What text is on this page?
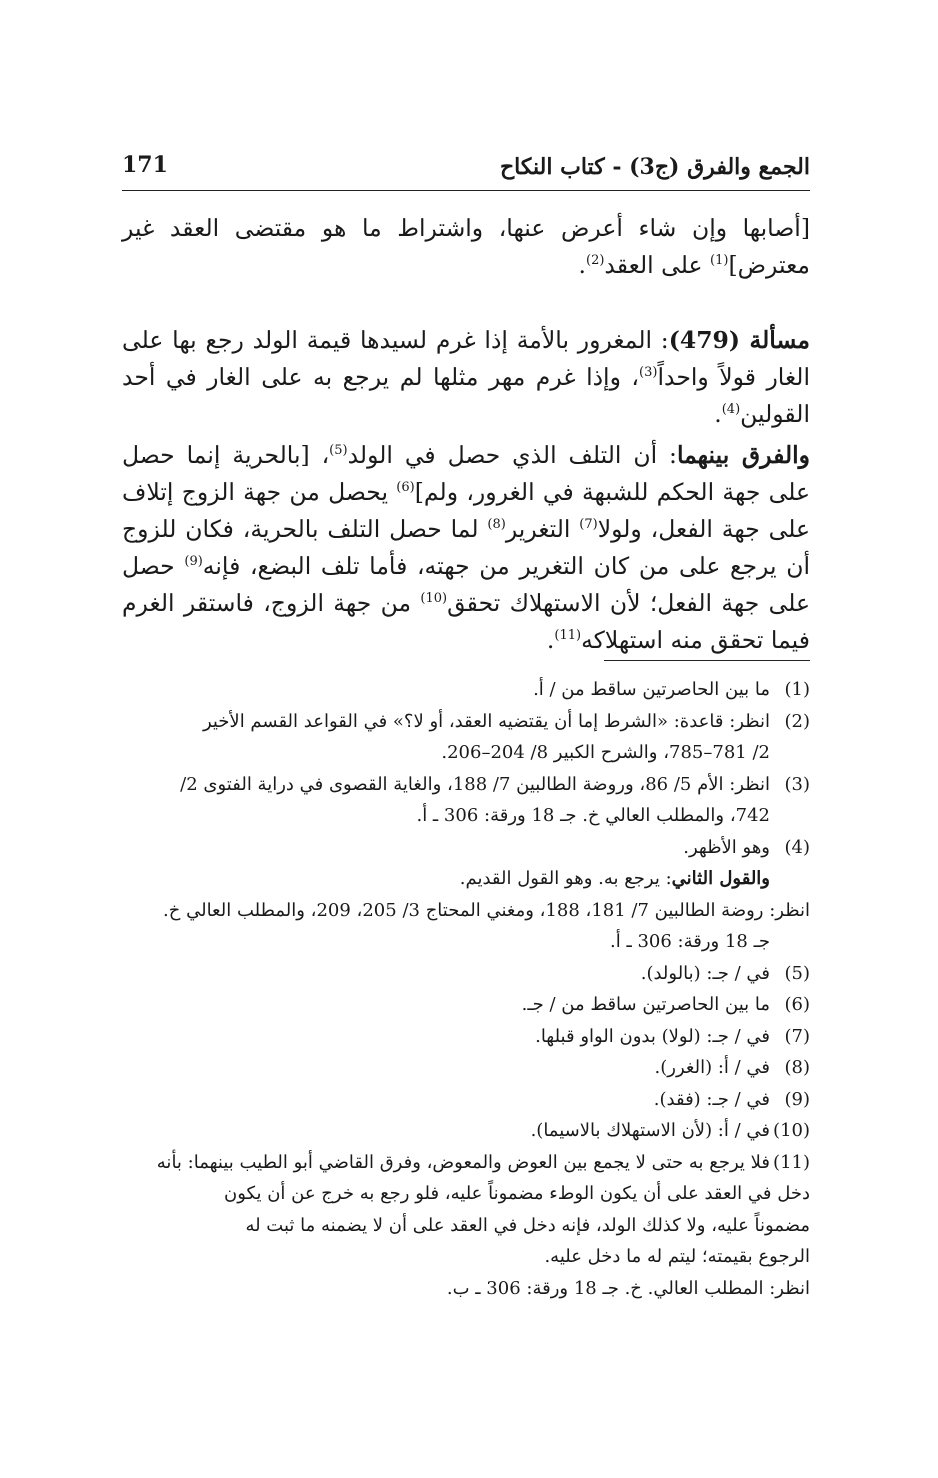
الجمع والفرق (ج3) - كتاب النكاح
171
[أصابها وإن شاء أعرض عنها، واشتراط ما هو مقتضى العقد غير معترض]$^{(1)}$ على العقد$^{(2)}$.
مسألة (479): المغرور بالأمة إذا غرم لسيدها قيمة الولد رجع بها على الغار قولاً واحداً$^{(3)}$، وإذا غرم مهر مثلها لم يرجع به على الغار في أحد القولين$^{(4)}$.
والفرق بينهما: أن التلف الذي حصل في الولد$^{(5)}$، [بالحرية إنما حصل على جهة الحكم للشبهة في الغرور، ولم]$^{(6)}$ يحصل من جهة الزوج إتلاف على جهة الفعل، ولولا$^{(7)}$ التغرير$^{(8)}$ لما حصل التلف بالحرية، فكان للزوج أن يرجع على من كان التغرير من جهته، فأما تلف البضع، فإنه$^{(9)}$ حصل على جهة الفعل؛ لأن الاستهلاك تحقق$^{(10)}$ من جهة الزوج، فاستقر الغرم فيما تحقق منه استهلاكه$^{(11)}$.
(1)
ما بين الحاصرتين ساقط من / أ.
(2)
انظر: قاعدة: «الشرط إما أن يقتضيه العقد، أو لا؟» في القواعد القسم الأخير
2/ 781–785، والشرح الكبير 8/ 204–206.
(3)
انظر: الأم 5/ 86، وروضة الطالبين 7/ 188، والغاية القصوى في دراية الفتوى 2/
742، والمطلب العالي خ. جـ 18 ورقة: 306 ـ أ.
(4)
وهو الأظهر.
والقول الثاني: يرجع به. وهو القول القديم.
انظر: روضة الطالبين 7/ 181، 188، ومغني المحتاج 3/ 205، 209، والمطلب العالي خ.
جـ 18 ورقة: 306 ـ أ.
(5)
في / جـ: (بالولد).
(6)
ما بين الحاصرتين ساقط من / جـ.
(7)
في / جـ: (لولا) بدون الواو قبلها.
(8)
في / أ: (الغرر).
(9)
في / جـ: (فقد).
(10)
في / أ: (لأن الاستهلاك بالاسيما).
(11)
فلا يرجع به حتى لا يجمع بين العوض والمعوض، وفرق القاضي أبو الطيب بينهما: بأنه
دخل في العقد على أن يكون الوطء مضموناً عليه، فلو رجع به خرج عن أن يكون
مضموناً عليه، ولا كذلك الولد، فإنه دخل في العقد على أن لا يضمنه ما ثبت له
الرجوع بقيمته؛ ليتم له ما دخل عليه.
انظر: المطلب العالي. خ. جـ 18 ورقة: 306 ـ ب.
